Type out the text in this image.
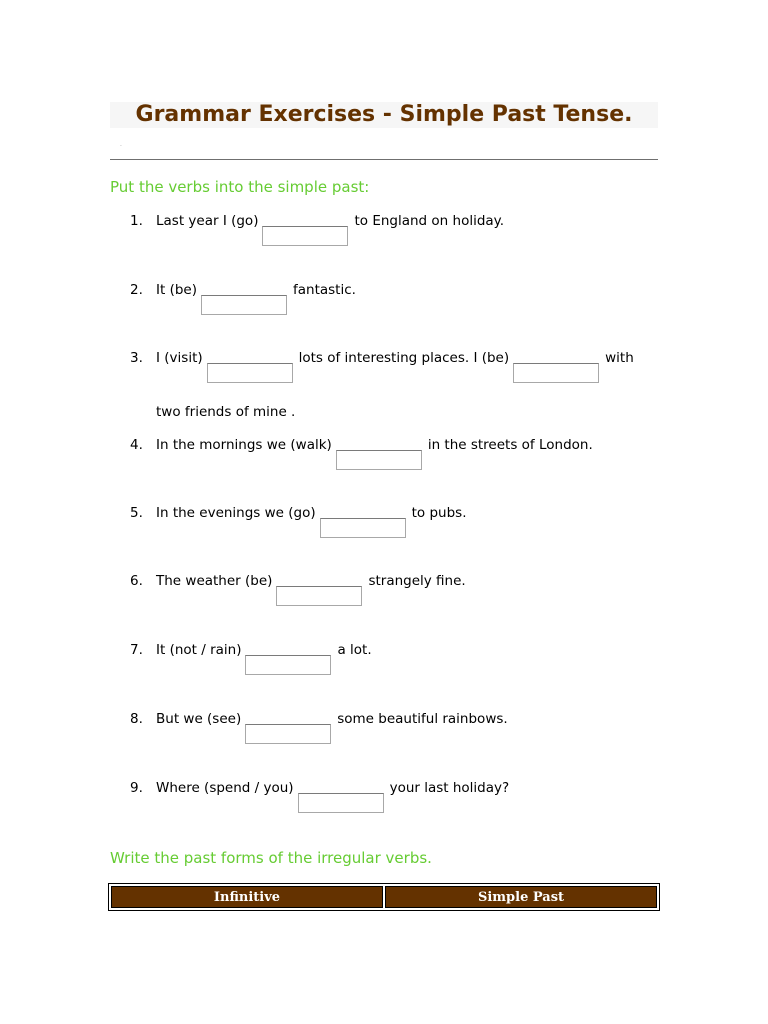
Grammar Exercises - Simple Past Tense.
.
Put the verbs into the simple past:
1. Last year I (go)	to England on holiday.
2. It (be)	fantastic.
3. I (visit)	lots of interesting places. I (be)	with
two friends of mine .
4. In the mornings we (walk)	in the streets of London.
5. In the evenings we (go)	to pubs.
6. The weather (be)	strangely fine.
7. It (not / rain)	a lot.
8. But we (see)	some beautiful rainbows.
9. Where (spend / you)	your last holiday?
Write the past forms of the irregular verbs.
Infinitive	Simple Past
